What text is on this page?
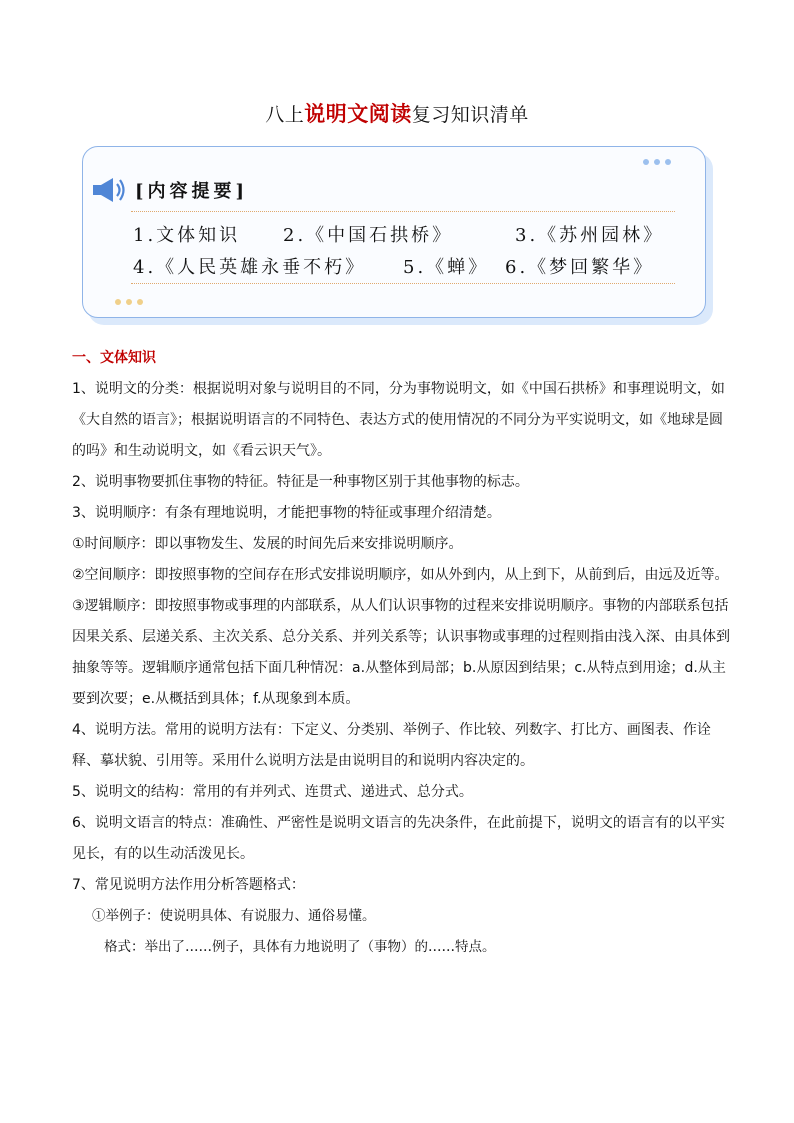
八上说明文阅读复习知识清单
[内容提要]
1.文体知识 2.《中国石拱桥》	3.《苏州园林》
4.《人民英雄永垂不朽》 5.《蝉》 6.《梦回繁华》

一、文体知识

1、说明文的分类：根据说明对象与说明目的不同，分为事物说明文，如《中国石拱桥》和事理说明文，如《大自然的语言》；根据说明语言的不同特色、表达方式的使用情况的不同分为平实说明文，如《地球是圆的吗》和生动说明文，如《看云识天气》。

2、说明事物要抓住事物的特征。特征是一种事物区别于其他事物的标志。

3、说明顺序：有条有理地说明，才能把事物的特征或事理介绍清楚。

①时间顺序：即以事物发生、发展的时间先后来安排说明顺序。

②空间顺序：即按照事物的空间存在形式安排说明顺序，如从外到内，从上到下，从前到后，由远及近等。

③逻辑顺序：即按照事物或事理的内部联系，从人们认识事物的过程来安排说明顺序。事物的内部联系包括因果关系、层递关系、主次关系、总分关系、并列关系等；认识事物或事理的过程则指由浅入深、由具体到抽象等等。逻辑顺序通常包括下面几种情况：a.从整体到局部；b.从原因到结果；c.从特点到用途；d.从主要到次要；e.从概括到具体；f.从现象到本质。

4、说明方法。常用的说明方法有：下定义、分类别、举例子、作比较、列数字、打比方、画图表、作诠释、摹状貌、引用等。采用什么说明方法是由说明目的和说明内容决定的。

5、说明文的结构：常用的有并列式、连贯式、递进式、总分式。

6、说明文语言的特点：准确性、严密性是说明文语言的先决条件，在此前提下，说明文的语言有的以平实见长，有的以生动活泼见长。

7、常见说明方法作用分析答题格式：

①举例子：使说明具体、有说服力、通俗易懂。

格式：举出了……例子，具体有力地说明了（事物）的……特点。
